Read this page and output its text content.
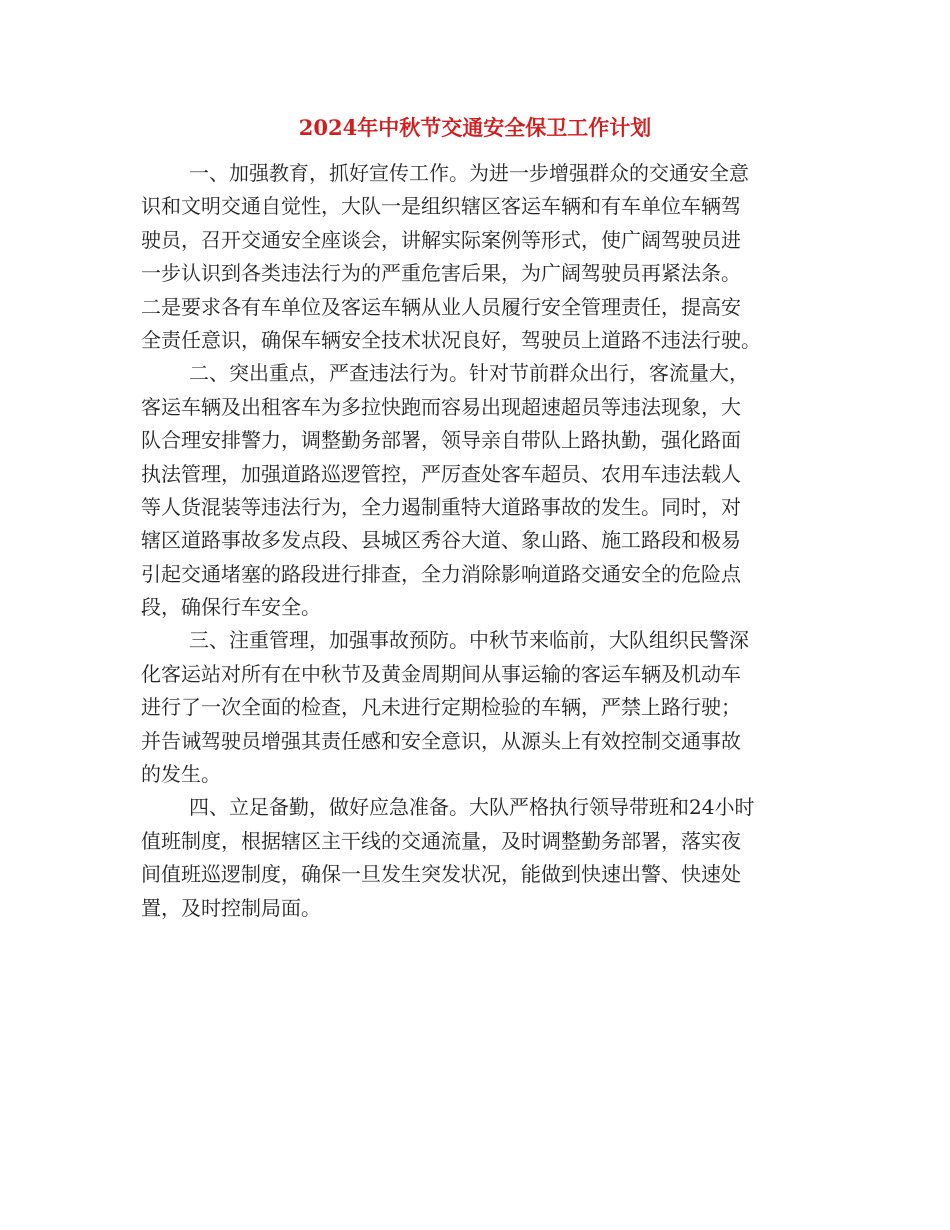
2024年中秋节交通安全保卫工作计划
一、加强教育，抓好宣传工作。为进一步增强群众的交通安全意
识和文明交通自觉性，大队一是组织辖区客运车辆和有车单位车辆驾
驶员，召开交通安全座谈会，讲解实际案例等形式，使广阔驾驶员进
一步认识到各类违法行为的严重危害后果，为广阔驾驶员再紧法条。
二是要求各有车单位及客运车辆从业人员履行安全管理责任，提高安
全责任意识，确保车辆安全技术状况良好，驾驶员上道路不违法行驶。
二、突出重点，严查违法行为。针对节前群众出行，客流量大，
客运车辆及出租客车为多拉快跑而容易出现超速超员等违法现象，大
队合理安排警力，调整勤务部署，领导亲自带队上路执勤，强化路面
执法管理，加强道路巡逻管控，严厉查处客车超员、农用车违法载人
等人货混装等违法行为，全力遏制重特大道路事故的发生。同时，对
辖区道路事故多发点段、县城区秀谷大道、象山路、施工路段和极易
引起交通堵塞的路段进行排查，全力消除影响道路交通安全的危险点
段，确保行车安全。
三、注重管理，加强事故预防。中秋节来临前，大队组织民警深
化客运站对所有在中秋节及黄金周期间从事运输的客运车辆及机动车
进行了一次全面的检查，凡未进行定期检验的车辆，严禁上路行驶；
并告诫驾驶员增强其责任感和安全意识，从源头上有效控制交通事故
的发生。
四、立足备勤，做好应急准备。大队严格执行领导带班和24小时
值班制度，根据辖区主干线的交通流量，及时调整勤务部署，落实夜
间值班巡逻制度，确保一旦发生突发状况，能做到快速出警、快速处
置，及时控制局面。
